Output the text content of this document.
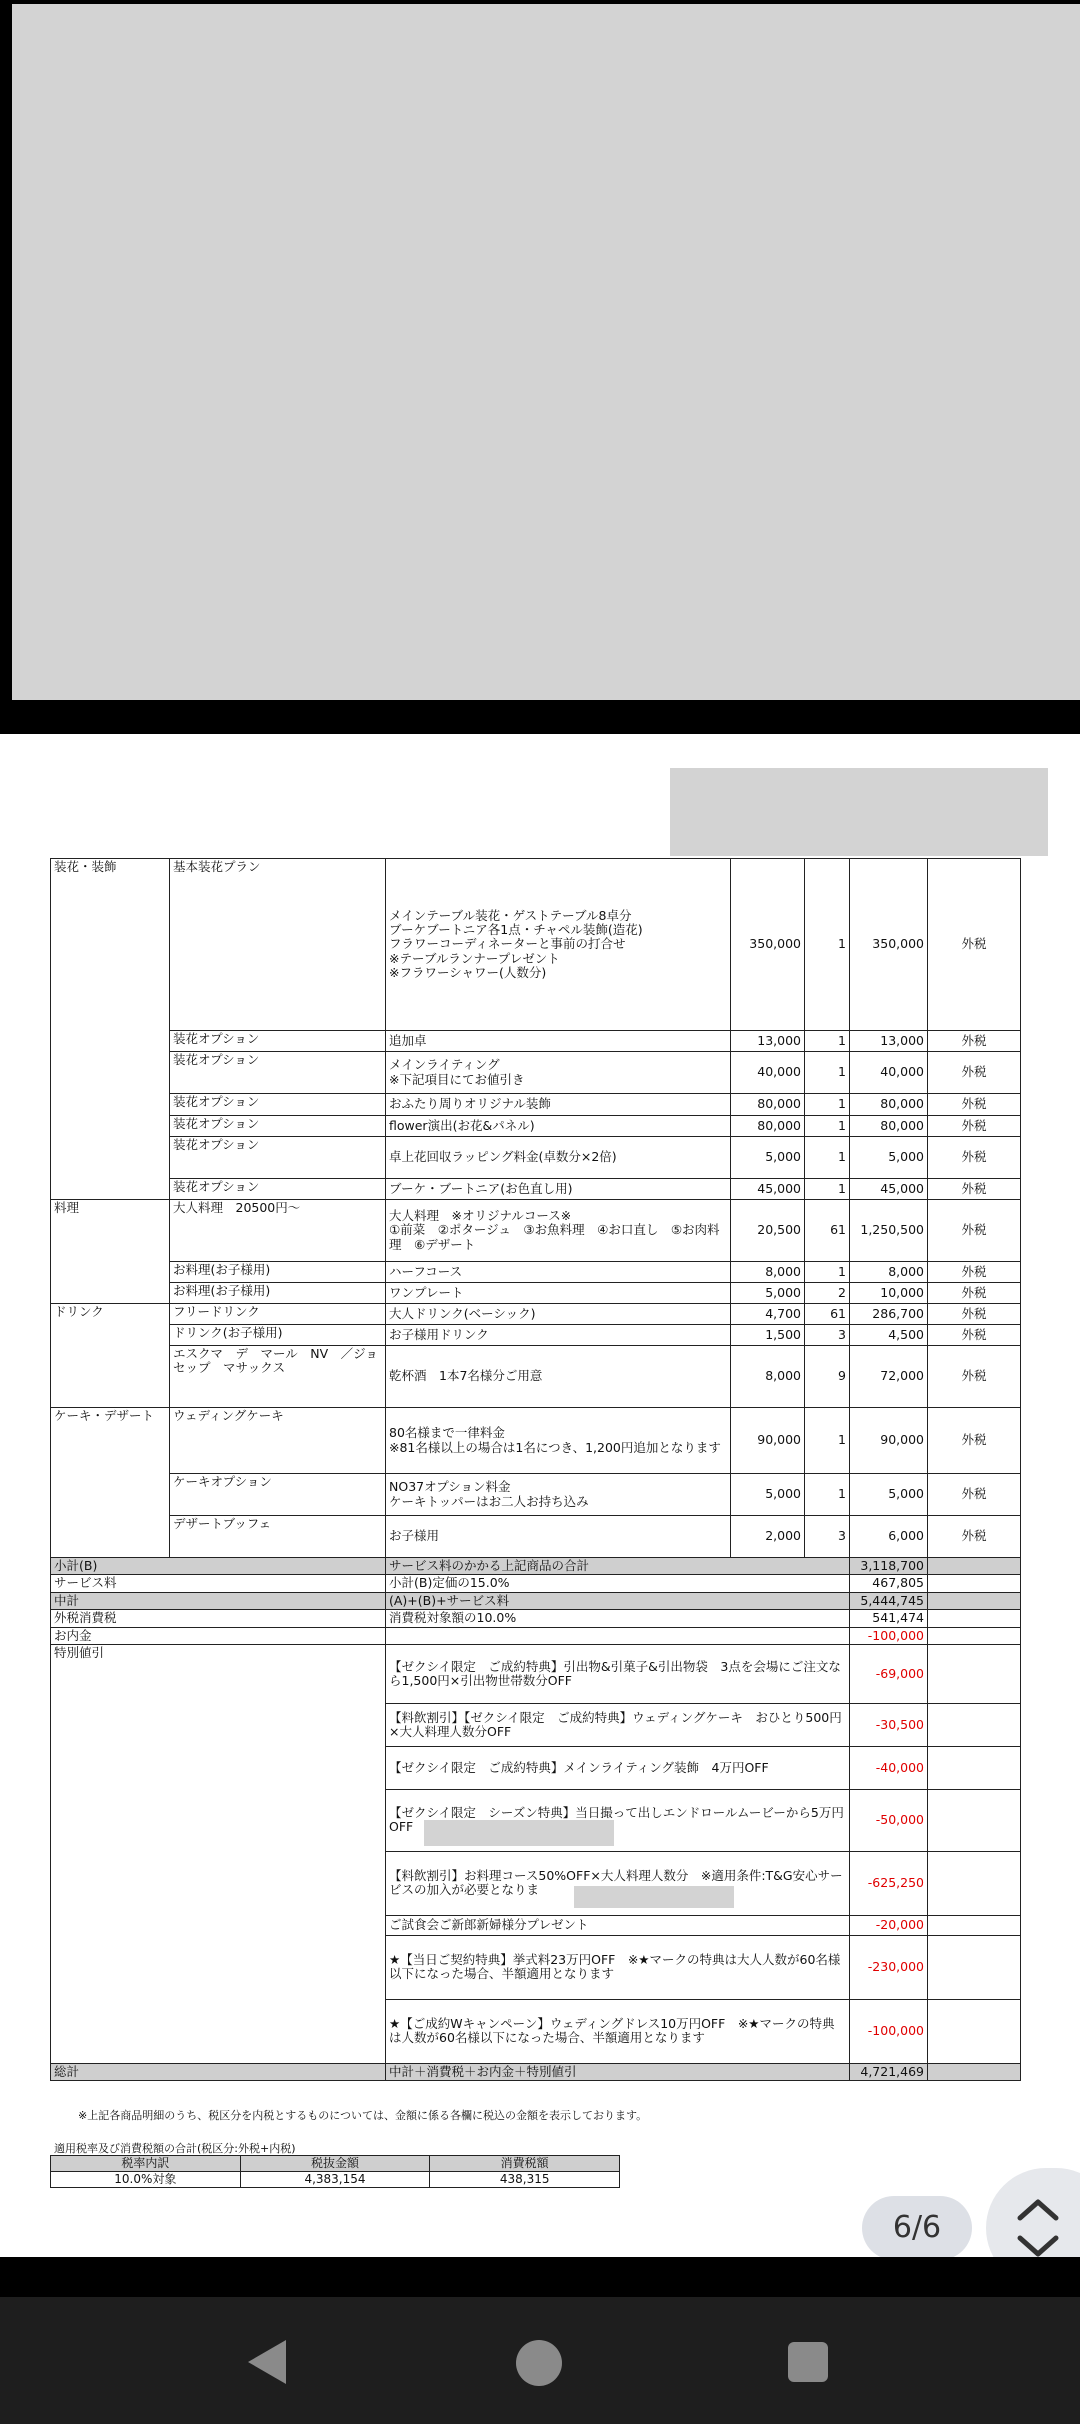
装花・装飾	基本装花プラン	メインテーブル装花・ゲストテーブル8卓分
ブーケブートニア各1点・チャペル装飾(造花)
フラワーコーディネーターと事前の打合せ
※テーブルランナープレゼント
※フラワーシャワー(人数分)	350,000	1	350,000	外税
	装花オプション	追加卓	13,000	1	13,000	外税
	装花オプション	メインライティング
※下記項目にてお値引き	40,000	1	40,000	外税
	装花オプション	おふたり周りオリジナル装飾	80,000	1	80,000	外税
	装花オプション	flower演出(お花&パネル)	80,000	1	80,000	外税
	装花オプション	卓上花回収ラッピング料金(卓数分×2倍)	5,000	1	5,000	外税
	装花オプション	ブーケ・ブートニア(お色直し用)	45,000	1	45,000	外税
料理	大人料理　20500円〜	大人料理　※オリジナルコース※
①前菜　②ポタージュ　③お魚料理　④お口直し　⑤お肉料理　⑥デザート	20,500	61	1,250,500	外税
	お料理(お子様用)	ハーフコース	8,000	1	8,000	外税
	お料理(お子様用)	ワンプレート	5,000	2	10,000	外税
ドリンク	フリードリンク	大人ドリンク(ベーシック)	4,700	61	286,700	外税
	ドリンク(お子様用)	お子様用ドリンク	1,500	3	4,500	外税
	エスクマ　デ　マール　NV　／ジョセップ　マサックス	乾杯酒　1本7名様分ご用意	8,000	9	72,000	外税
ケーキ・デザート	ウェディングケーキ	80名様まで一律料金
※81名様以上の場合は1名につき、1,200円追加となります	90,000	1	90,000	外税
	ケーキオプション	NO37オプション料金
ケーキトッパーはお二人お持ち込み	5,000	1	5,000	外税
	デザートブッフェ	お子様用	2,000	3	6,000	外税
小計(B)		サービス料のかかる上記商品の合計			3,118,700	
サービス料		小計(B)定価の15.0%			467,805	
中計		(A)+(B)+サービス料			5,444,745	
外税消費税		消費税対象額の10.0%			541,474	
お内金					-100,000	
特別値引		【ゼクシイ限定　ご成約特典】引出物&引菓子&引出物袋　3点を会場にご注文なら1,500円×引出物世帯数分OFF			-69,000	
		【料飲割引】【ゼクシイ限定　ご成約特典】ウェディングケーキ　おひとり500円×大人料理人数分OFF			-30,500	
		【ゼクシイ限定　ご成約特典】メインライティング装飾　4万円OFF			-40,000	
		【ゼクシイ限定　シーズン特典】当日撮って出しエンドロールムービーから5万円OFF			-50,000	
		【料飲割引】お料理コース50%OFF×大人料理人数分　※適用条件:T&G安心サービスの加入が必要となりま			-625,250	
		ご試食会ご新郎新婦様分プレゼント			-20,000	
		★【当日ご契約特典】挙式料23万円OFF　※★マークの特典は大人人数が60名様以下になった場合、半額適用となります			-230,000	
		★【ご成約Wキャンペーン】ウェディングドレス10万円OFF　※★マークの特典は人数が60名様以下になった場合、半額適用となります			-100,000	
総計		中計＋消費税＋お内金＋特別値引			4,721,469	
※上記各商品明細のうち、税区分を内税とするものについては、金額に係る各欄に税込の金額を表示しております。
適用税率及び消費税額の合計(税区分:外税+内税)
税率内訳	税抜金額	消費税額
10.0%対象	4,383,154	438,315
6/6
